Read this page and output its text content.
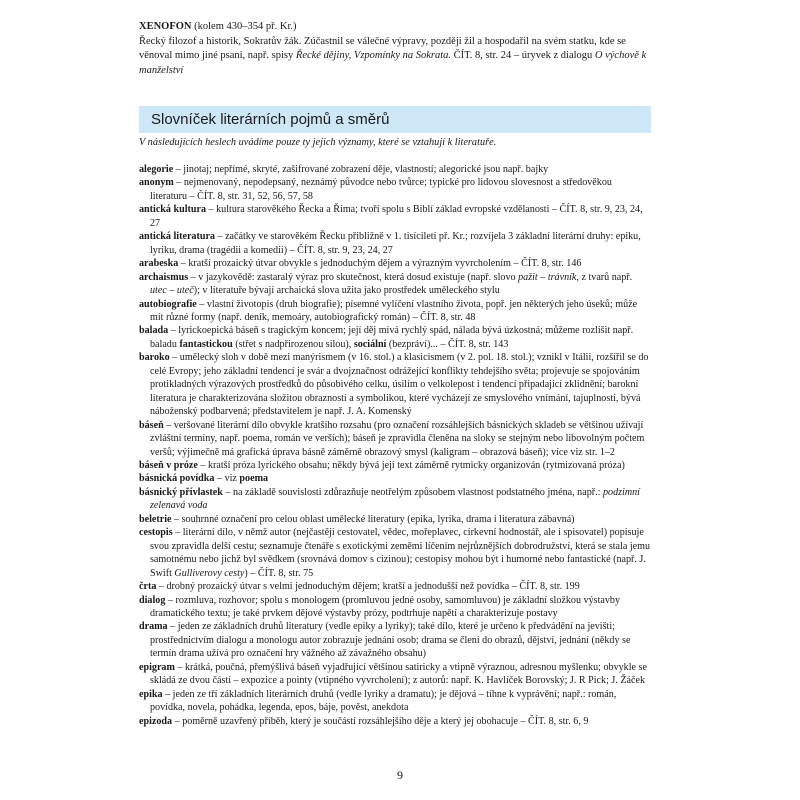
XENOFON (kolem 430–354 př. Kr.)
Řecký filozof a historik, Sokratův žák. Zúčastnil se válečné výpravy, později žil a hospodařil na svém statku, kde se věnoval mimo jiné psaní, např. spisy Řecké dějiny, Vzpomínky na Sokrata. ČÍT. 8, str. 24 – úryvek z dialogu O výchově k manželství
Slovníček literárních pojmů a směrů
V následujících heslech uvádíme pouze ty jejich významy, které se vztahují k literatuře.

alegorie – jinotaj; nepřímé, skryté, zašifrované zobrazení děje, vlastností; alegorické jsou např. bajky

anonym – nejmenovaný, nepodepsaný, neznámý původce nebo tvůrce; typické pro lidovou slovesnost a středověkou literaturu – ČÍT. 8, str. 31, 52, 56, 57, 58

antická kultura – kultura starověkého Řecka a Říma; tvoří spolu s Biblí základ evropské vzdělanosti – ČÍT. 8, str. 9, 23, 24, 27

antická literatura – začátky ve starověkém Řecku přibližně v 1. tisíciletí př. Kr.; rozvíjela 3 základní literární druhy: epiku, lyriku, drama (tragédii a komedii) – ČÍT. 8, str. 9, 23, 24, 27

arabeska – kratší prozaický útvar obvykle s jednoduchým dějem a výrazným vyvrcholením – ČÍT. 8, str. 146

archaismus – v jazykovědě: zastaralý výraz pro skutečnost, která dosud existuje (např. slovo pažit – trávník, z tvarů např. utec – uteč); v literatuře bývají archaická slova užita jako prostředek uměleckého stylu

autobiografie – vlastní životopis (druh biografie); písemné vylíčení vlastního života, popř. jen některých jeho úseků; může mít různé formy (např. deník, memoáry, autobiografický román) – ČÍT. 8, str. 48

balada – lyrickoepická báseň s tragickým koncem; její děj mívá rychlý spád, nálada bývá úzkostná; můžeme rozlišit např. baladu fantastickou (střet s nadpřirozenou silou), sociální (bezpráví)... – ČÍT. 8, str. 143

baroko – umělecký sloh v době mezi manýrismem (v 16. stol.) a klasicismem (v 2. pol. 18. stol.); vznikl v Itálii, rozšířil se do celé Evropy; jeho základní tendencí je svár a dvojznačnost odrážející konflikty tehdejšího světa; projevuje se spojováním protikladných výrazových prostředků do působivého celku, úsilím o velkolepost i tendencí připadající zklidnění; barokní literatura je charakterizována složitou obrazností a symbolikou, které vycházejí ze smyslového vnímání, tajuplností, bývá náboženský podbarvená; představitelem je např. J. A. Komenský

báseň – veršované literární dílo obvykle kratšího rozsahu (pro označení rozsáhlejších básnických skladeb se většinou užívají zvláštní termíny, např. poema, román ve verších); báseň je zpravidla členěna na sloky se stejným nebo libovolným počtem veršů; výjimečně má grafická úprava básně záměrně obrazový smysl (kaligram – obrazová báseň); více viz str. 1–2

báseň v próze – kratší próza lyrického obsahu; někdy bývá její text záměrně rytmicky organizován (rytmizovaná próza)

básnická povídka – viz poema

básnický přívlastek – na základě souvislosti zdůrazňuje neotřelým způsobem vlastnost podstatného jména, např.: podzimní zelenavá voda

beletrie – souhrnné označení pro celou oblast umělecké literatury (epika, lyrika, drama i literatura zábavná)

cestopis – literární dílo, v němž autor (nejčastěji cestovatel, vědec, mořeplavec, církevní hodnostář, ale i spisovatel) popisuje svou zpravidla delší cestu; seznamuje čtenáře s exotickými zeměmi líčením nejrůznějších dobrodružství, která se stala jemu samotnému nebo jichž byl svědkem (srovnává domov s cizinou); cestopisy mohou být i humorné nebo fantastické (např. J. Swift Gulliverovy cesty) – ČÍT. 8, str. 75

črta – drobný prozaický útvar s velmi jednoduchým dějem; kratší a jednodušší než povídka – ČÍT. 8, str. 199

dialog – rozmluva, rozhovor; spolu s monologem (promluvou jedné osoby, samomluvou) je základní složkou výstavby dramatického textu; je také prvkem dějové výstavby prózy, podtrhuje napětí a charakterizuje postavy

drama – jeden ze základních druhů literatury (vedle epiky a lyriky); také dílo, které je určeno k předvádění na jevišti; prostřednictvím dialogu a monologu autor zobrazuje jednání osob; drama se člení do obrazů, dějství, jednání (někdy se termín drama užívá pro označení hry vážného až závažného obsahu)

epigram – krátká, poučná, přemýšlivá báseň vyjadřující většinou satiricky a vtipně výraznou, adresnou myšlenku; obvykle se skládá ze dvou částí – expozice a pointy (vtipného vyvrcholení); z autorů: např. K. Havlíček Borovský; J. R Pick; J. Žáček

epika – jeden ze tří základních literárních druhů (vedle lyriky a dramatu); je dějová – tíhne k vyprávění; např.: román, povídka, novela, pohádka, legenda, epos, báje, pověst, anekdota

epizoda – poměrně uzavřený příběh, který je součástí rozsáhlejšího děje a který jej obohacuje – ČÍT. 8, str. 6, 9

9
